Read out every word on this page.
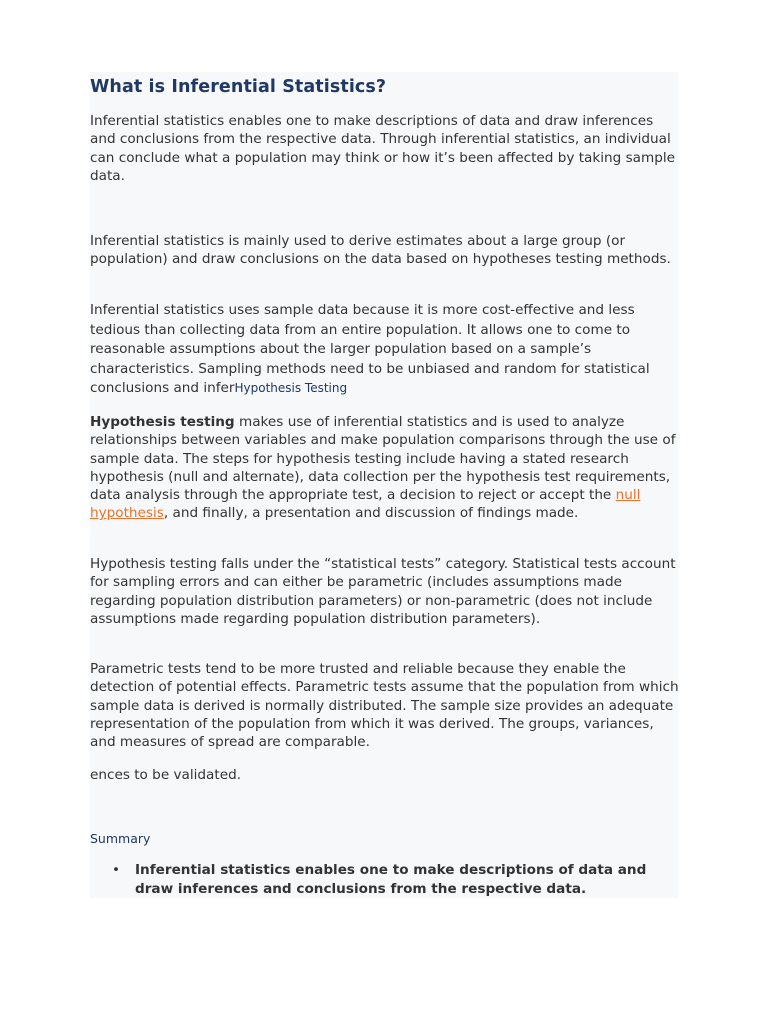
What is Inferential Statistics?

Inferential statistics enables one to make descriptions of data and draw inferences and conclusions from the respective data. Through inferential statistics, an individual can conclude what a population may think or how it’s been affected by taking sample data.

Inferential statistics is mainly used to derive estimates about a large group (or population) and draw conclusions on the data based on hypotheses testing methods.

Inferential statistics uses sample data because it is more cost-effective and less tedious than collecting data from an entire population. It allows one to come to reasonable assumptions about the larger population based on a sample’s characteristics. Sampling methods need to be unbiased and random for statistical conclusions and inferHypothesis Testing

Hypothesis testing makes use of inferential statistics and is used to analyze relationships between variables and make population comparisons through the use of sample data. The steps for hypothesis testing include having a stated research hypothesis (null and alternate), data collection per the hypothesis test requirements, data analysis through the appropriate test, a decision to reject or accept the null hypothesis, and finally, a presentation and discussion of findings made.

Hypothesis testing falls under the “statistical tests” category. Statistical tests account for sampling errors and can either be parametric (includes assumptions made regarding population distribution parameters) or non-parametric (does not include assumptions made regarding population distribution parameters).

Parametric tests tend to be more trusted and reliable because they enable the detection of potential effects. Parametric tests assume that the population from which sample data is derived is normally distributed. The sample size provides an adequate representation of the population from which it was derived. The groups, variances, and measures of spread are comparable.

ences to be validated.

Summary
• Inferential statistics enables one to make descriptions of data and draw inferences and conclusions from the respective data.
